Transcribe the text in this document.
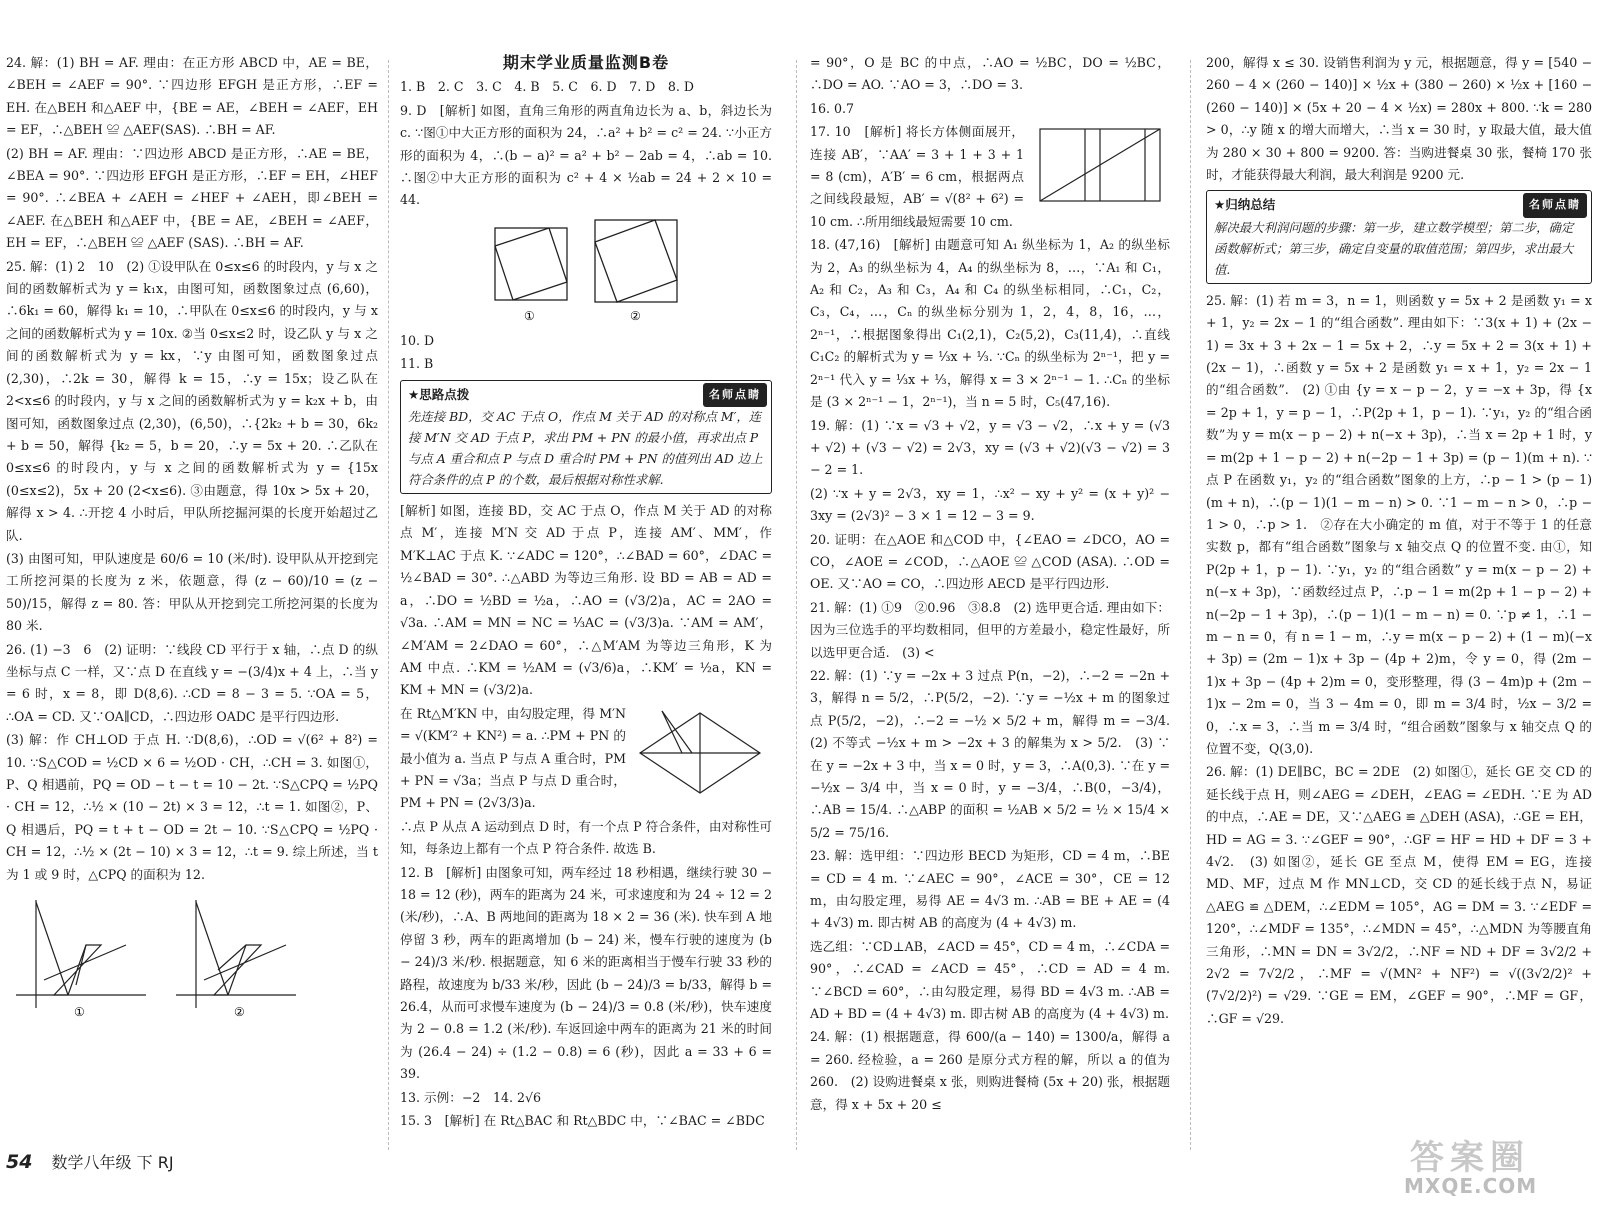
24. 解：(1) BH = AF. 理由：在正方形 ABCD 中，AE = BE，∠BEH = ∠AEF = 90°. ∵四边形 EFGH 是正方形，∴EF = EH. 在△BEH 和△AEF 中，{BE = AE，∠BEH = ∠AEF，EH = EF，∴△BEH ≌ △AEF(SAS). ∴BH = AF.

(2) BH = AF. 理由：∵四边形 ABCD 是正方形，∴AE = BE，∠BEA = 90°. ∵四边形 EFGH 是正方形，∴EF = EH，∠HEF = 90°. ∴∠BEA + ∠AEH = ∠HEF + ∠AEH，即∠BEH = ∠AEF. 在△BEH 和△AEF 中，{BE = AE，∠BEH = ∠AEF，EH = EF，∴△BEH ≌ △AEF (SAS). ∴BH = AF.

25. 解：(1) 2　10　(2) ①设甲队在 0≤x≤6 的时段内，y 与 x 之间的函数解析式为 y = k₁x，由图可知，函数图象过点 (6,60)，∴6k₁ = 60，解得 k₁ = 10，∴甲队在 0≤x≤6 的时段内，y 与 x 之间的函数解析式为 y = 10x. ②当 0≤x≤2 时，设乙队 y 与 x 之间的函数解析式为 y = kx，∵y 由图可知，函数图象过点 (2,30)，∴2k = 30，解得 k = 15，∴y = 15x；设乙队在 2<x≤6 的时段内，y 与 x 之间的函数解析式为 y = k₂x + b，由图可知，函数图象过点 (2,30)，(6,50)，∴{2k₂ + b = 30，6k₂ + b = 50，解得 {k₂ = 5，b = 20，∴y = 5x + 20. ∴乙队在 0≤x≤6 的时段内，y 与 x 之间的函数解析式为 y = {15x (0≤x≤2)，5x + 20 (2<x≤6). ③由题意，得 10x > 5x + 20，解得 x > 4. ∴开挖 4 小时后，甲队所挖掘河渠的长度开始超过乙队.

(3) 由图可知，甲队速度是 60/6 = 10 (米/时). 设甲队从开挖到完工所挖河渠的长度为 z 米，依题意，得 (z − 60)/10 = (z − 50)/15，解得 z = 80. 答：甲队从开挖到完工所挖河渠的长度为 80 米.

26. (1) −3　6　(2) 证明：∵线段 CD 平行于 x 轴，∴点 D 的纵坐标与点 C 一样，又∵点 D 在直线 y = −(3/4)x + 4 上，∴当 y = 6 时，x = 8，即 D(8,6). ∴CD = 8 − 3 = 5. ∵OA = 5，∴OA = CD. 又∵OA∥CD，∴四边形 OADC 是平行四边形.

(3) 解：作 CH⊥OD 于点 H. ∵D(8,6)，∴OD = √(6² + 8²) = 10. ∵S△COD = ½CD × 6 = ½OD · CH，∴CH = 3. 如图①，P、Q 相遇前，PQ = OD − t − t = 10 − 2t. ∵S△CPQ = ½PQ · CH = 12，∴½ × (10 − 2t) × 3 = 12，∴t = 1. 如图②，P、Q 相遇后，PQ = t + t − OD = 2t − 10. ∵S△CPQ = ½PQ · CH = 12，∴½ × (2t − 10) × 3 = 12，∴t = 9. 综上所述，当 t 为 1 或 9 时，△CPQ 的面积为 12.

①	②
期末学业质量监测B卷

1. B　2. C　3. C　4. B　5. C　6. D　7. D　8. D

9. D　[解析] 如图，直角三角形的两直角边长为 a、b，斜边长为 c. ∵图①中大正方形的面积为 24，∴a² + b² = c² = 24. ∵小正方形的面积为 4，∴(b − a)² = a² + b² − 2ab = 4，∴ab = 10. ∴图②中大正方形的面积为 c² + 4 × ½ab = 24 + 2 × 10 = 44.

①	②

10. D

11. B

名师点睛
★思路点拨
先连接 BD，交 AC 于点 O，作点 M 关于 AD 的对称点 M′，连接 M′N 交 AD 于点 P，求出 PM + PN 的最小值，再求出点 P 与点 A 重合和点 P 与点 D 重合时 PM + PN 的值列出 AD 边上符合条件的点 P 的个数，最后根据对称性求解.

[解析] 如图，连接 BD，交 AC 于点 O，作点 M 关于 AD 的对称点 M′，连接 M′N 交 AD 于点 P，连接 AM′、MM′，作 M′K⊥AC 于点 K. ∵∠ADC = 120°，∴∠BAD = 60°，∠DAC = ½∠BAD = 30°. ∴△ABD 为等边三角形. 设 BD = AB = AD = a，∴DO = ½BD = ½a，∴AO = (√3/2)a，AC = 2AO = √3a. ∴AM = MN = NC = ⅓AC = (√3/3)a. ∵AM = AM′，∠M′AM = 2∠DAO = 60°，∴△M′AM 为等边三角形，K 为 AM 中点. ∴KM = ½AM = (√3/6)a，∴KM′ = ½a，KN = KM + MN = (√3/2)a.

在 Rt△M′KN 中，由勾股定理，得 M′N = √(KM′² + KN²) = a. ∴PM + PN 的最小值为 a. 当点 P 与点 A 重合时，PM + PN = √3a；当点 P 与点 D 重合时，PM + PN = (2√3/3)a.

∴点 P 从点 A 运动到点 D 时，有一个点 P 符合条件，由对称性可知，每条边上都有一个点 P 符合条件. 故选 B.

12. B　[解析] 由图象可知，两车经过 18 秒相遇，继续行驶 30 − 18 = 12 (秒)，两车的距离为 24 米，可求速度和为 24 ÷ 12 = 2 (米/秒)，∴A、B 两地间的距离为 18 × 2 = 36 (米). 快车到 A 地停留 3 秒，两车的距离增加 (b − 24) 米，慢车行驶的速度为 (b − 24)/3 米/秒. 根据题意，知 6 米的距离相当于慢车行驶 33 秒的路程，故速度为 b/33 米/秒，因此 (b − 24)/3 = b/33，解得 b = 26.4，从而可求慢车速度为 (b − 24)/3 = 0.8 (米/秒)，快车速度为 2 − 0.8 = 1.2 (米/秒). 车返回途中两车的距离为 21 米的时间为 (26.4 − 24) ÷ (1.2 − 0.8) = 6 (秒)，因此 a = 33 + 6 = 39.

13. 示例：−2　14. 2√6

15. 3　[解析] 在 Rt△BAC 和 Rt△BDC 中，∵∠BAC = ∠BDC

= 90°，O 是 BC 的中点，∴AO = ½BC，DO = ½BC，∴DO = AO. ∵AO = 3，∴DO = 3.

16. 0.7

17. 10　[解析] 将长方体侧面展开，连接 AB′，∵AA′ = 3 + 1 + 3 + 1 = 8 (cm)，A′B′ = 6 cm，根据两点之间线段最短，AB′ = √(8² + 6²) = 10 cm. ∴所用细线最短需要 10 cm.

18. (47,16)　[解析] 由题意可知 A₁ 纵坐标为 1，A₂ 的纵坐标为 2，A₃ 的纵坐标为 4，A₄ 的纵坐标为 8，…，∵A₁ 和 C₁，A₂ 和 C₂，A₃ 和 C₃，A₄ 和 C₄ 的纵坐标相同，∴C₁，C₂，C₃，C₄，…，Cₙ 的纵坐标分别为 1，2，4，8，16，…，2ⁿ⁻¹，∴根据图象得出 C₁(2,1)，C₂(5,2)，C₃(11,4)，∴直线 C₁C₂ 的解析式为 y = ⅓x + ⅓. ∵Cₙ 的纵坐标为 2ⁿ⁻¹，把 y = 2ⁿ⁻¹ 代入 y = ⅓x + ⅓，解得 x = 3 × 2ⁿ⁻¹ − 1. ∴Cₙ 的坐标是 (3 × 2ⁿ⁻¹ − 1，2ⁿ⁻¹)，当 n = 5 时，C₅(47,16).

19. 解：(1) ∵x = √3 + √2，y = √3 − √2，∴x + y = (√3 + √2) + (√3 − √2) = 2√3，xy = (√3 + √2)(√3 − √2) = 3 − 2 = 1.

(2) ∵x + y = 2√3，xy = 1，∴x² − xy + y² = (x + y)² − 3xy = (2√3)² − 3 × 1 = 12 − 3 = 9.

20. 证明：在△AOE 和△COD 中，{∠EAO = ∠DCO，AO = CO，∠AOE = ∠COD，∴△AOE ≌ △COD (ASA). ∴OD = OE. 又∵AO = CO，∴四边形 AECD 是平行四边形.

21. 解：(1) ①9　②0.96　③8.8　(2) 选甲更合适. 理由如下：因为三位选手的平均数相同，但甲的方差最小，稳定性最好，所以选甲更合适.　(3) <

22. 解：(1) ∵y = −2x + 3 过点 P(n，−2)，∴−2 = −2n + 3，解得 n = 5/2，∴P(5/2，−2). ∵y = −½x + m 的图象过点 P(5/2，−2)，∴−2 = −½ × 5/2 + m，解得 m = −3/4.　(2) 不等式 −½x + m > −2x + 3 的解集为 x > 5/2.　(3) ∵在 y = −2x + 3 中，当 x = 0 时，y = 3，∴A(0,3). ∵在 y = −½x − 3/4 中，当 x = 0 时，y = −3/4，∴B(0，−3/4)，∴AB = 15/4. ∴△ABP 的面积 = ½AB × 5/2 = ½ × 15/4 × 5/2 = 75/16.

23. 解：选甲组：∵四边形 BECD 为矩形，CD = 4 m，∴BE = CD = 4 m. ∵∠AEC = 90°，∠ACE = 30°，CE = 12 m，由勾股定理，易得 AE = 4√3 m. ∴AB = BE + AE = (4 + 4√3) m. 即古树 AB 的高度为 (4 + 4√3) m.

选乙组：∵CD⊥AB，∠ACD = 45°，CD = 4 m，∴∠CDA = 90°，∴∠CAD = ∠ACD = 45°，∴CD = AD = 4 m. ∵∠BCD = 60°，∴由勾股定理，易得 BD = 4√3 m. ∴AB = AD + BD = (4 + 4√3) m. 即古树 AB 的高度为 (4 + 4√3) m.

24. 解：(1) 根据题意，得 600/(a − 140) = 1300/a，解得 a = 260. 经检验，a = 260 是原分式方程的解，所以 a 的值为 260.　(2) 设购进餐桌 x 张，则购进餐椅 (5x + 20) 张，根据题意，得 x + 5x + 20 ≤

200，解得 x ≤ 30. 设销售利润为 y 元，根据题意，得 y = [540 − 260 − 4 × (260 − 140)] × ½x + (380 − 260) × ½x + [160 − (260 − 140)] × (5x + 20 − 4 × ½x) = 280x + 800. ∵k = 280 > 0，∴y 随 x 的增大而增大，∴当 x = 30 时，y 取最大值，最大值为 280 × 30 + 800 = 9200. 答：当购进餐桌 30 张，餐椅 170 张时，才能获得最大利润，最大利润是 9200 元.

名师点睛
★归纳总结
解决最大利润问题的步骤：第一步，建立数学模型；第二步，确定函数解析式；第三步，确定自变量的取值范围；第四步，求出最大值.

25. 解：(1) 若 m = 3，n = 1，则函数 y = 5x + 2 是函数 y₁ = x + 1，y₂ = 2x − 1 的“组合函数”. 理由如下：∵3(x + 1) + (2x − 1) = 3x + 3 + 2x − 1 = 5x + 2，∴y = 5x + 2 = 3(x + 1) + (2x − 1)，∴函数 y = 5x + 2 是函数 y₁ = x + 1，y₂ = 2x − 1 的“组合函数”.　(2) ①由 {y = x − p − 2，y = −x + 3p，得 {x = 2p + 1，y = p − 1，∴P(2p + 1，p − 1). ∵y₁，y₂ 的“组合函数”为 y = m(x − p − 2) + n(−x + 3p)，∴当 x = 2p + 1 时，y = m(2p + 1 − p − 2) + n(−2p − 1 + 3p) = (p − 1)(m + n). ∵点 P 在函数 y₁，y₂ 的“组合函数”图象的上方，∴p − 1 > (p − 1)(m + n)，∴(p − 1)(1 − m − n) > 0. ∵1 − m − n > 0，∴p − 1 > 0，∴p > 1.　②存在大小确定的 m 值，对于不等于 1 的任意实数 p，都有“组合函数”图象与 x 轴交点 Q 的位置不变. 由①，知 P(2p + 1，p − 1). ∵y₁，y₂ 的“组合函数” y = m(x − p − 2) + n(−x + 3p)，∵函数经过点 P，∴p − 1 = m(2p + 1 − p − 2) + n(−2p − 1 + 3p)，∴(p − 1)(1 − m − n) = 0. ∵p ≠ 1，∴1 − m − n = 0，有 n = 1 − m，∴y = m(x − p − 2) + (1 − m)(−x + 3p) = (2m − 1)x + 3p − (4p + 2)m，令 y = 0，得 (2m − 1)x + 3p − (4p + 2)m = 0，变形整理，得 (3 − 4m)p + (2m − 1)x − 2m = 0，当 3 − 4m = 0，即 m = 3/4 时，½x − 3/2 = 0，∴x = 3，∴当 m = 3/4 时，“组合函数”图象与 x 轴交点 Q 的位置不变，Q(3,0).

26. 解：(1) DE∥BC，BC = 2DE　(2) 如图①，延长 GE 交 CD 的延长线于点 H，则∠AEG = ∠DEH，∠EAG = ∠EDH. ∵E 为 AD 的中点，∴AE = DE，又∵△AEG ≌ △DEH (ASA)，∴GE = EH，HD = AG = 3. ∵∠GEF = 90°，∴GF = HF = HD + DF = 3 + 4√2.　(3) 如图②，延长 GE 至点 M，使得 EM = EG，连接 MD、MF，过点 M 作 MN⊥CD，交 CD 的延长线于点 N，易证△AEG ≌ △DEM，∴∠EDM = 105°，AG = DM = 3. ∵∠EDF = 120°，∴∠MDF = 135°，∴∠MDN = 45°，∴△MDN 为等腰直角三角形，∴MN = DN = 3√2/2，∴NF = ND + DF = 3√2/2 + 2√2 = 7√2/2，∴MF = √(MN² + NF²) = √((3√2/2)² + (7√2/2)²) = √29. ∵GE = EM，∠GEF = 90°，∴MF = GF，∴GF = √29.

54 数学八年级 下 RJ	答案圈
MXQE.COM
